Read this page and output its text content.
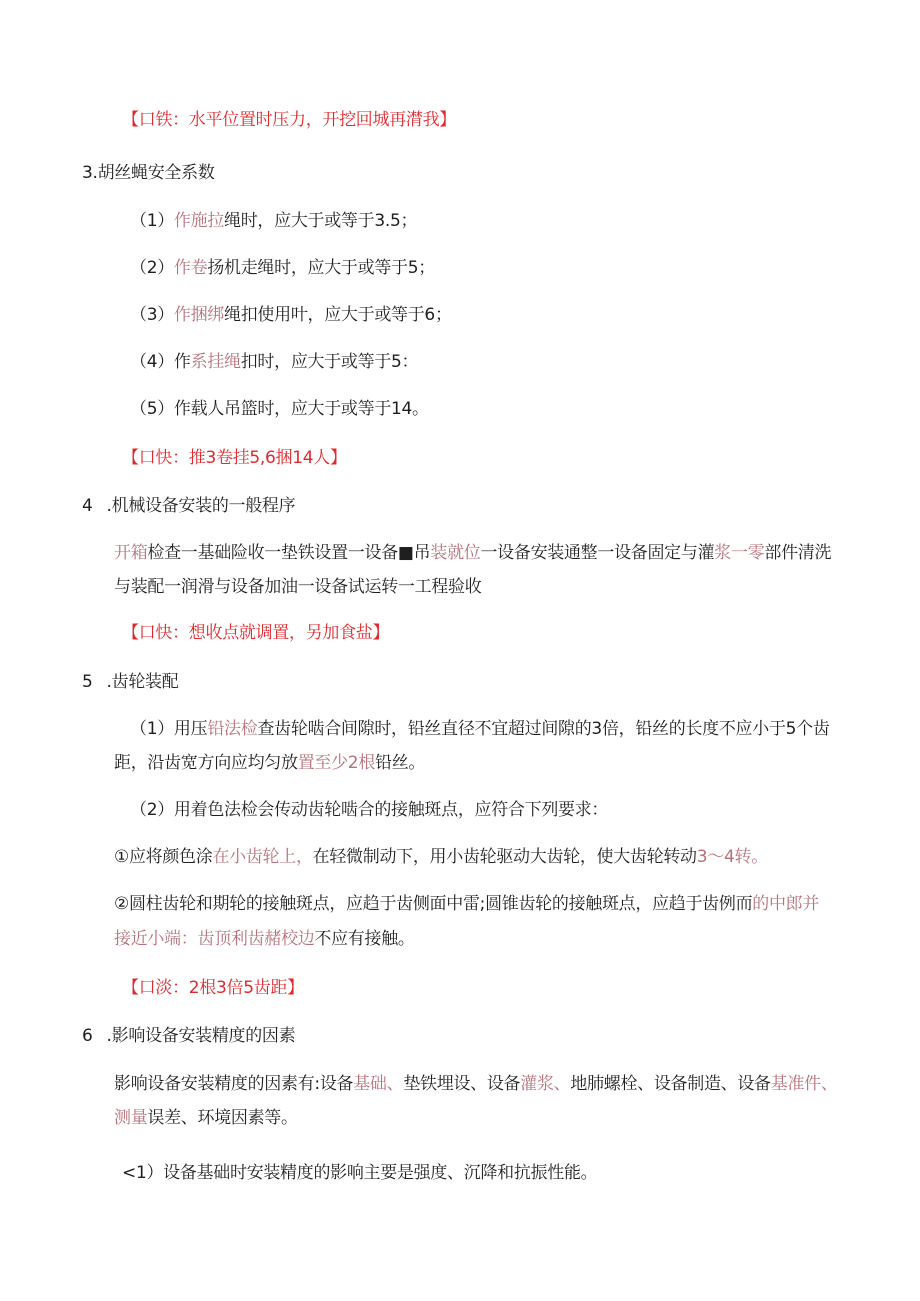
【口铁：水平位置时压力，开挖回城再潸我】
3.胡丝蝇安全系数
（1）作施拉绳时，应大于或等于3.5；
（2）作卷扬机走绳时，应大于或等于5；
（3）作捆绑绳扣使用叶，应大于或等于6；
（4）作系挂绳扣时，应大于或等于5：
（5）作载人吊篮时，应大于或等于14。
【口快：推3卷挂5,6捆14人】
4 .机械设备安装的一般程序
开箱检查一基础险收一垫铁设置一设备■吊装就位一设备安装通整一设备固定与灌浆一零部件清洗
与装配一润滑与设备加油一设备试运转一工程验收
【口快：想收点就调置，另加食盐】
5 .齿轮装配
（1）用压铅法检查齿轮啮合间隙时，铅丝直径不宜超过间隙的3倍，铅丝的长度不应小于5个齿
距，沿齿宽方向应均匀放置至少2根铅丝。
（2）用着色法检会传动齿轮啮合的接触斑点，应符合下列要求：
①应将颜色涂在小齿轮上，在轻微制动下，用小齿轮驱动大齿轮，使大齿轮转动3～4转。
②圆柱齿轮和期轮的接触斑点，应趋于齿侧面中雷;圆锥齿轮的接触斑点，应趋于齿例而的中郎并
接近小端：齿顶利齿赭校边不应有接触。
【口淡：2根3倍5齿距】
6 .影响设备安装精度的因素
影响设备安装精度的因素有:设备基础、垫铁埋设、设备灌浆、地肺螺栓、设备制造、设备基准件、
测量误差、环境因素等。
<1）设备基础时安装精度的影响主要是强度、沉降和抗振性能。
